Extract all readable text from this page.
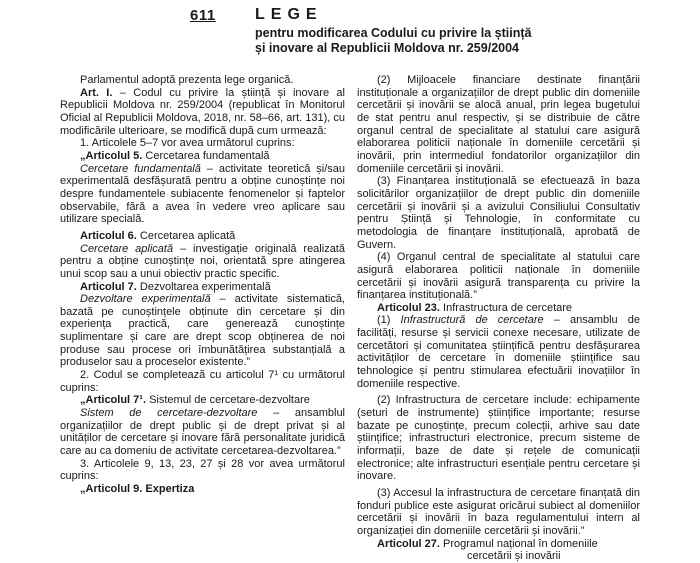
611 LEGE
pentru modificarea Codului cu privire la știință
și inovare al Republicii Moldova nr. 259/2004

Parlamentul adoptă prezenta lege organică.

Art. I. – Codul cu privire la știință și inovare al Republicii Moldova nr. 259/2004 (republicat în Monitorul Oficial al Republicii Moldova, 2018, nr. 58–66, art. 131), cu modificările ulterioare, se modifică după cum urmează:

1. Articolele 5–7 vor avea următorul cuprins:

„Articolul 5. Cercetarea fundamentală

Cercetare fundamentală – activitate teoretică și/sau experimentală desfășurată pentru a obține cunoștințe noi despre fundamentele subiacente fenomenelor și faptelor observabile, fără a avea în vedere vreo aplicare sau utilizare specială.

Articolul 6. Cercetarea aplicată

Cercetare aplicată – investigație originală realizată pentru a obține cunoștințe noi, orientată spre atingerea unui scop sau a unui obiectiv practic specific.

Articolul 7. Dezvoltarea experimentală

Dezvoltare experimentală – activitate sistematică, bazată pe cunoștințele obținute din cercetare și din experiența practică, care generează cunoștințe suplimentare și care are drept scop obținerea de noi produse sau procese ori îmbunătățirea substanțială a produselor sau a proceselor existente.”

2. Codul se completează cu articolul 7¹ cu următorul cuprins:

„Articolul 7¹. Sistemul de cercetare-dezvoltare

Sistem de cercetare-dezvoltare – ansamblul organizațiilor de drept public și de drept privat și al unităților de cercetare și inovare fără personalitate juridică care au ca domeniu de activitate cercetarea-dezvoltarea.”

3. Articolele 9, 13, 23, 27 și 28 vor avea următorul cuprins:

„Articolul 9. Expertiza

(2) Mijloacele financiare destinate finanțării instituționale a organizațiilor de drept public din domeniile cercetării și inovării se alocă anual, prin legea bugetului de stat pentru anul respectiv, și se distribuie de către organul central de specialitate al statului care asigură elaborarea politicii naționale în domeniile cercetării și inovării, prin intermediul fondatorilor organizațiilor din domeniile cercetării și inovării.

(3) Finanțarea instituțională se efectuează în baza solicitărilor organizațiilor de drept public din domeniile cercetării și inovării și a avizului Consiliului Consultativ pentru Știință și Tehnologie, în conformitate cu metodologia de finanțare instituțională, aprobată de Guvern.

(4) Organul central de specialitate al statului care asigură elaborarea politicii naționale în domeniile cercetării și inovării asigură transparența cu privire la finanțarea instituțională.”

Articolul 23. Infrastructura de cercetare

(1) Infrastructură de cercetare – ansamblu de facilități, resurse și servicii conexe necesare, utilizate de cercetători și comunitatea științifică pentru desfășurarea activităților de cercetare în domeniile științifice sau tehnologice și pentru stimularea efectuării inovațiilor în domeniile respective.

(2) Infrastructura de cercetare include: echipamente (seturi de instrumente) științifice importante; resurse bazate pe cunoștințe, precum colecții, arhive sau date științifice; infrastructuri electronice, precum sisteme de informații, baze de date și rețele de comunicații electronice; alte infrastructuri esențiale pentru cercetare și inovare.

(3) Accesul la infrastructura de cercetare finanțată din fonduri publice este asigurat oricărui subiect al domeniilor cercetării și inovării în baza regulamentului intern al organizației din domeniile cercetării și inovării.”

Articolul 27. Programul național în domeniile

cercetării și inovării
